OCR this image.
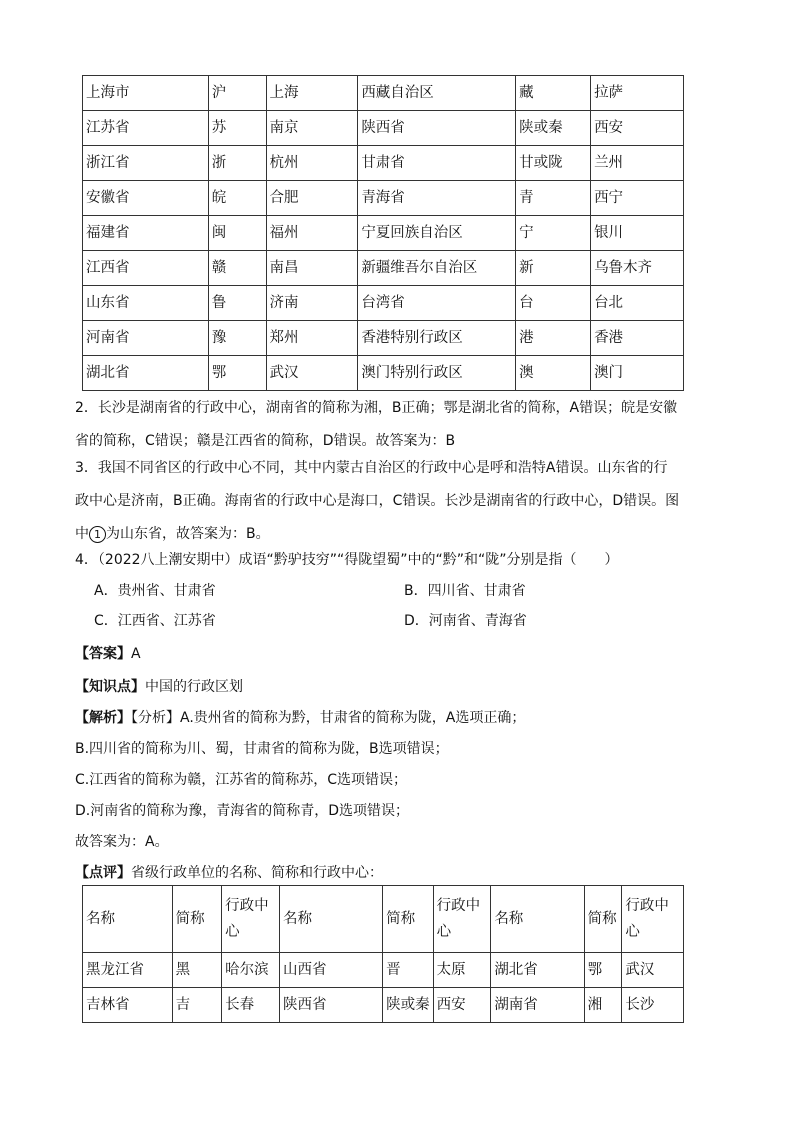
上海市	沪	上海	西藏自治区	藏	拉萨
江苏省	苏	南京	陕西省	陕或秦	西安
浙江省	浙	杭州	甘肃省	甘或陇	兰州
安徽省	皖	合肥	青海省	青	西宁
福建省	闽	福州	宁夏回族自治区	宁	银川
江西省	赣	南昌	新疆维吾尔自治区	新	乌鲁木齐
山东省	鲁	济南	台湾省	台	台北
河南省	豫	郑州	香港特别行政区	港	香港
湖北省	鄂	武汉	澳门特别行政区	澳	澳门
2．长沙是湖南省的行政中心，湖南省的简称为湘，B正确；鄂是湖北省的简称，A错误；皖是安徽
省的简称，C错误；赣是江西省的简称，D错误。故答案为：B
3．我国不同省区的行政中心不同，其中内蒙古自治区的行政中心是呼和浩特A错误。山东省的行
政中心是济南，B正确。海南省的行政中心是海口，C错误。长沙是湖南省的行政中心，D错误。图
中 1 为山东省，故答案为：B。
4．（2022八上潮安期中）成语“黔驴技穷”“得陇望蜀”中的“黔”和“陇”分别是指（　　）
A．贵州省、甘肃省	B．四川省、甘肃省
C．江西省、江苏省	D．河南省、青海省
【答案】A
【知识点】中国的行政区划
【解析】【分析】A.贵州省的简称为黔，甘肃省的简称为陇，A选项正确；
B.四川省的简称为川、蜀，甘肃省的简称为陇，B选项错误；
C.江西省的简称为赣，江苏省的简称苏，C选项错误；
D.河南省的简称为豫，青海省的简称青，D选项错误；
故答案为：A。
【点评】省级行政单位的名称、简称和行政中心：
名称	简称	行政中心	名称	简称	行政中心	名称	简称	行政中心
黑龙江省	黑	哈尔滨	山西省	晋	太原	湖北省	鄂	武汉
吉林省	吉	长春	陕西省	陕或秦	西安	湖南省	湘	长沙
